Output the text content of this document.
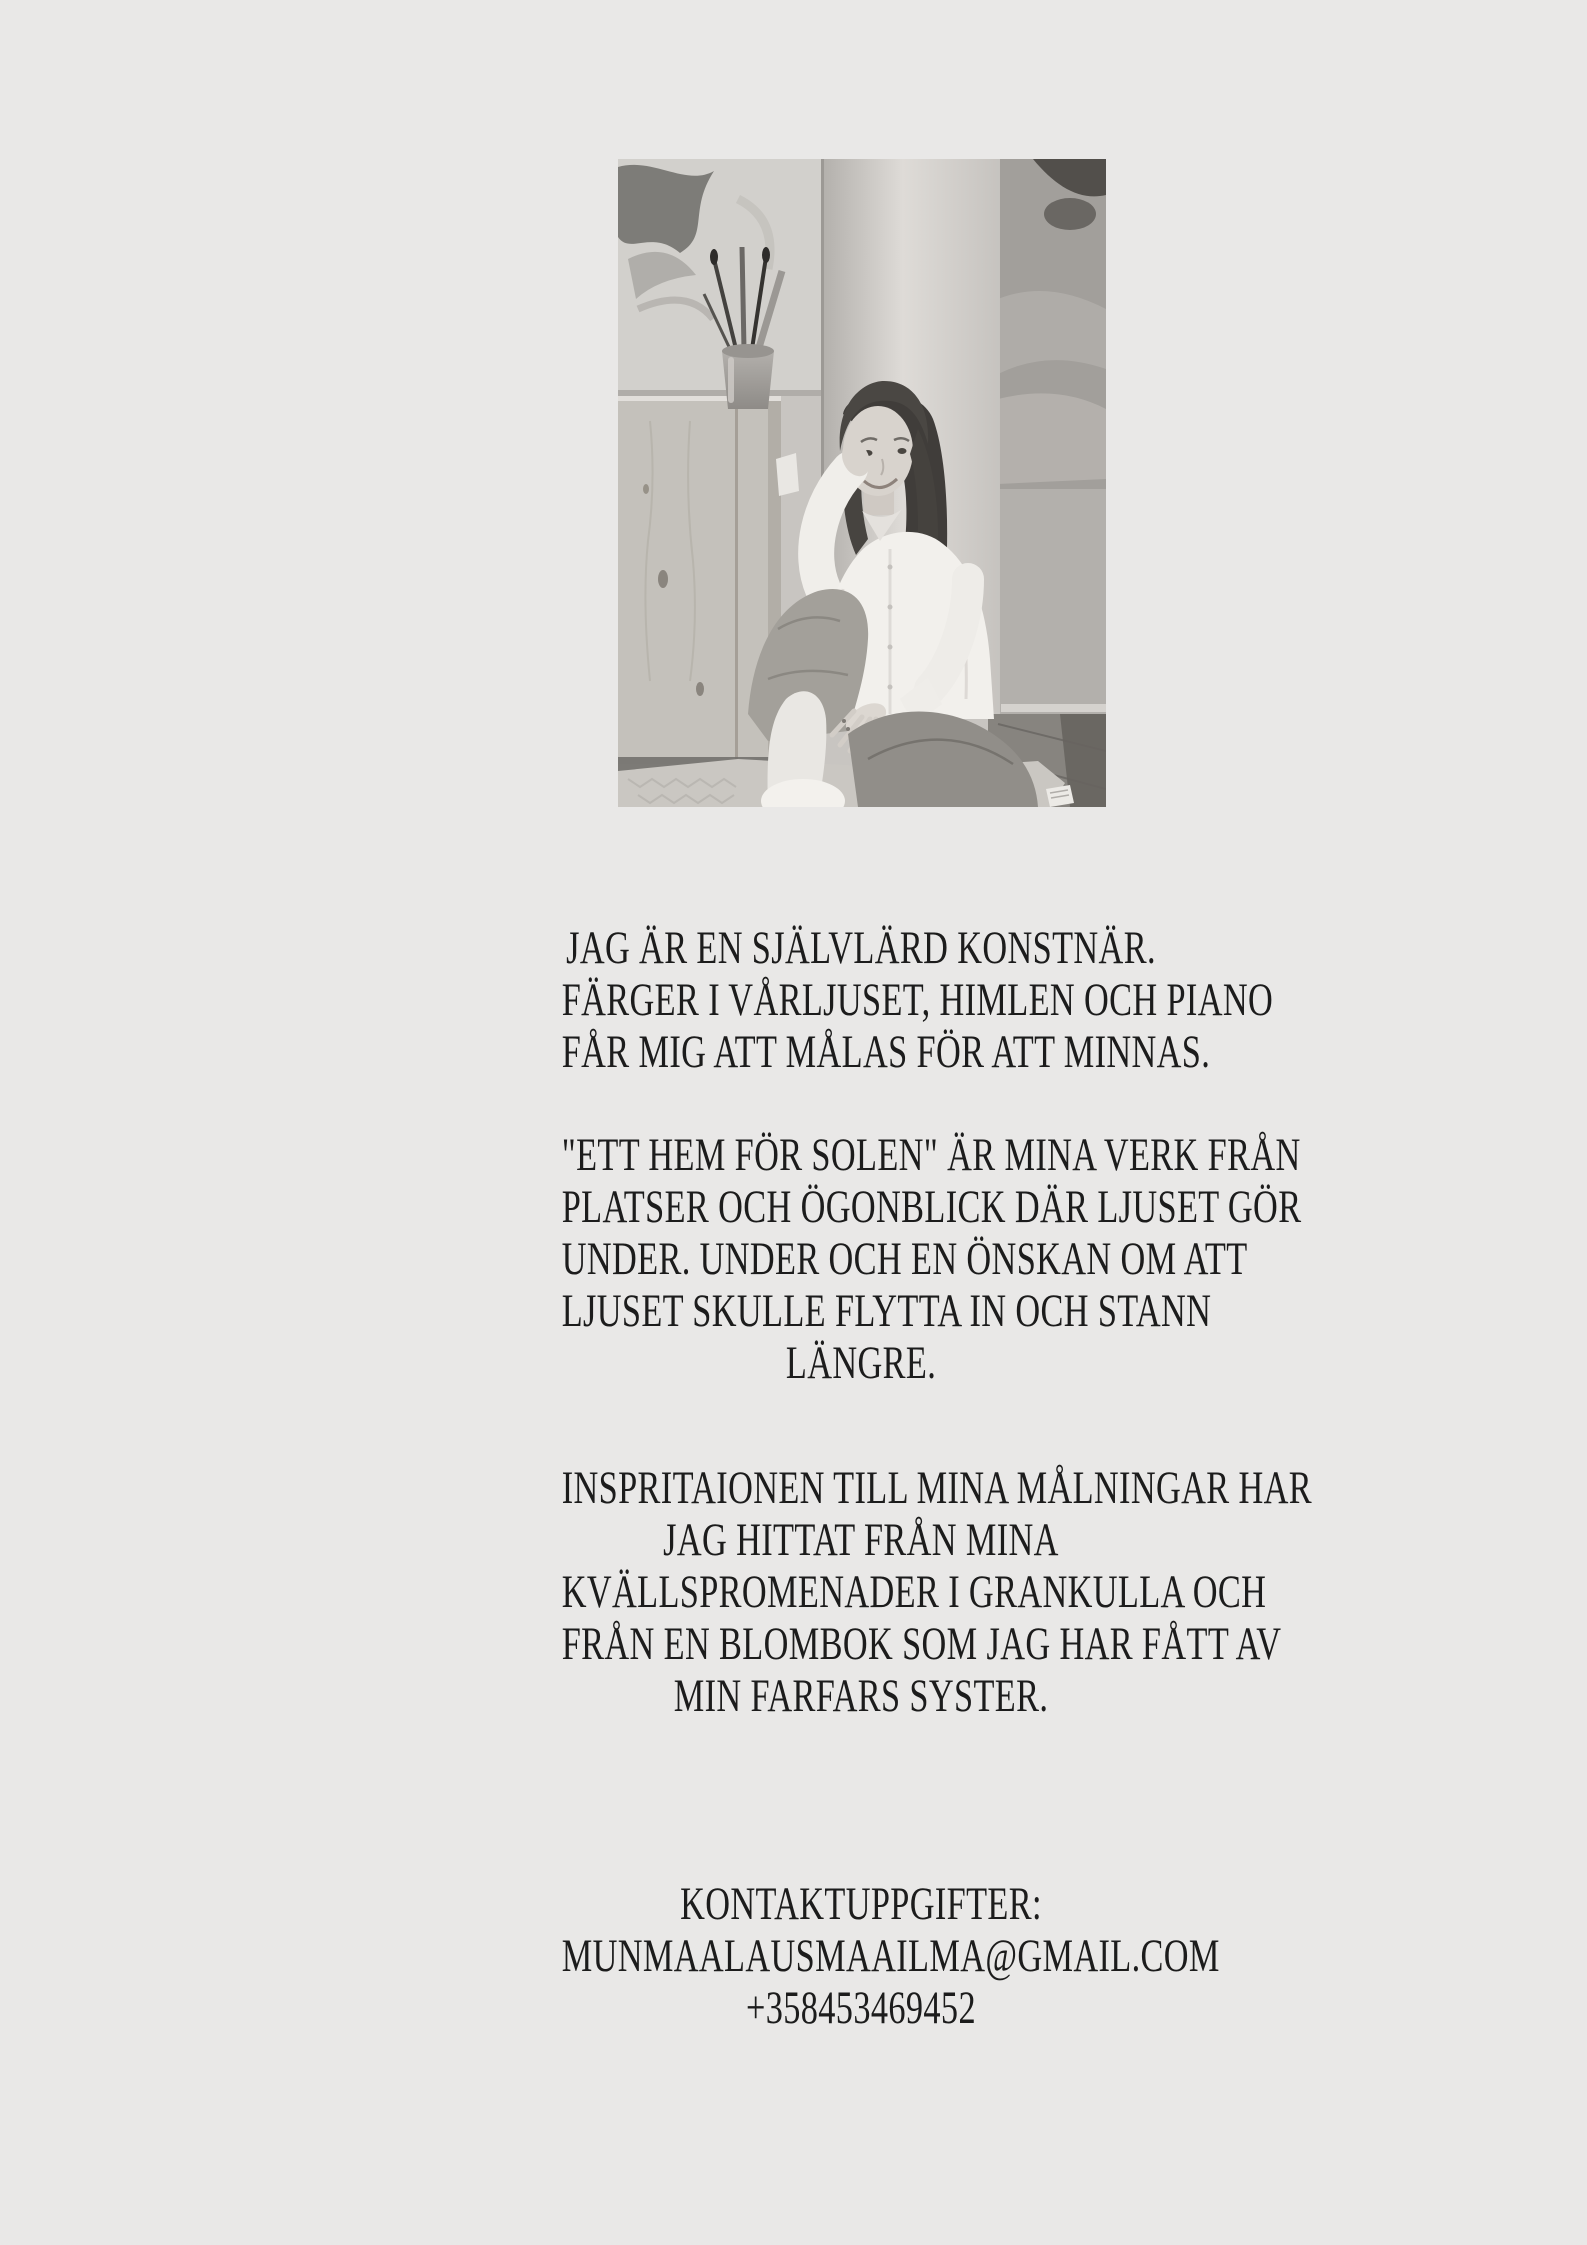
JAG ÄR EN SJÄLVLÄRD KONSTNÄR.
FÄRGER I VÅRLJUSET, HIMLEN OCH PIANO
FÅR MIG ATT MÅLAS FÖR ATT MINNAS.
"ETT HEM FÖR SOLEN" ÄR MINA VERK FRÅN
PLATSER OCH ÖGONBLICK DÄR LJUSET GÖR
UNDER. UNDER OCH EN ÖNSKAN OM ATT
LJUSET SKULLE FLYTTA IN OCH STANN
LÄNGRE.
INSPRITAIONEN TILL MINA MÅLNINGAR HAR
JAG HITTAT FRÅN MINA
KVÄLLSPROMENADER I GRANKULLA OCH
FRÅN EN BLOMBOK SOM JAG HAR FÅTT AV
MIN FARFARS SYSTER.
KONTAKTUPPGIFTER:
MUNMAALAUSMAAILMA@GMAIL.COM
+358453469452
